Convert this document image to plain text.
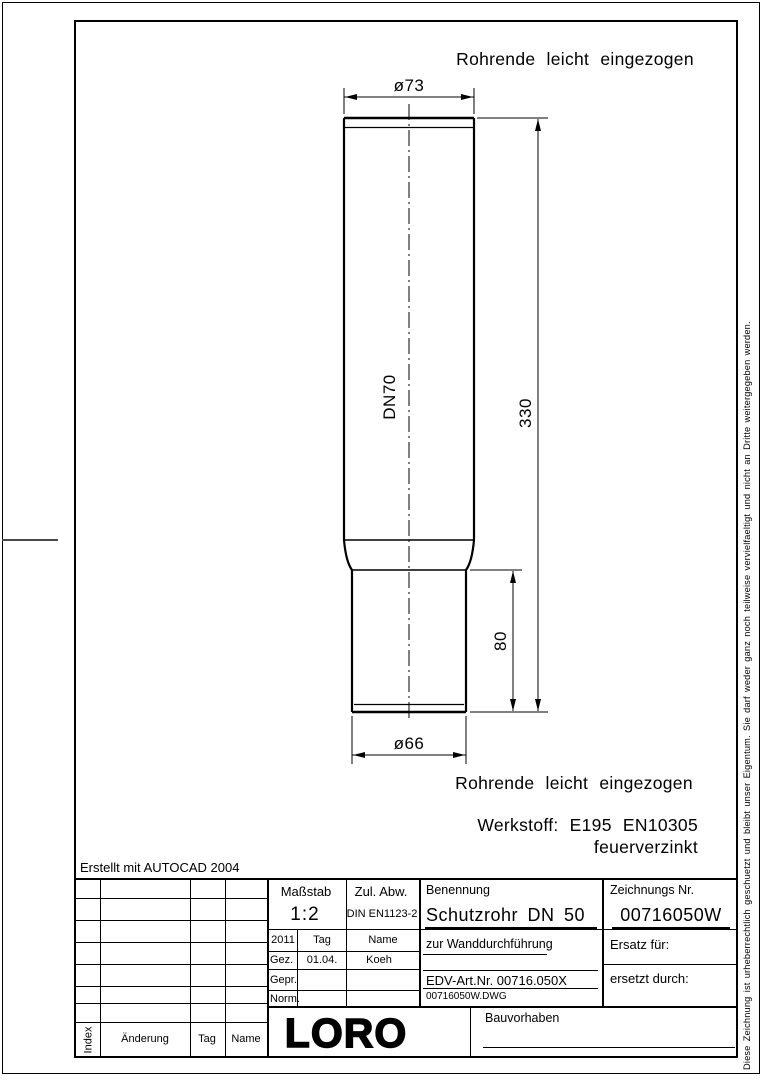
Rohrende leicht eingezogen
ø73
DN70	330
80
ø66
Rohrende leicht eingezogen
Werkstoff: E195 EN10305
feuerverzinkt
Erstellt mit AUTOCAD 2004
Maßstab
1:2
Zul. Abw.
DIN EN1123-2
2011 Tag	Name
Gez. 01.04.	Koeh
Gepr.
Norm.
Benennung
Schutzrohr DN 50
zur Wanddurchführung
EDV-Art.Nr. 00716.050X
00716050W.DWG
Zeichnungs Nr.
00716050W
Ersatz für:
ersetzt durch:
Bauvorhaben
LORO
Index Änderung	Tag Name	Diese Zeichnung ist urheberrechtlich geschuetzt und bleibt unser Eigentum. Sie darf weder ganz noch teilweise vervielfaeltigt und nicht an Dritte weitergegeben werden.
